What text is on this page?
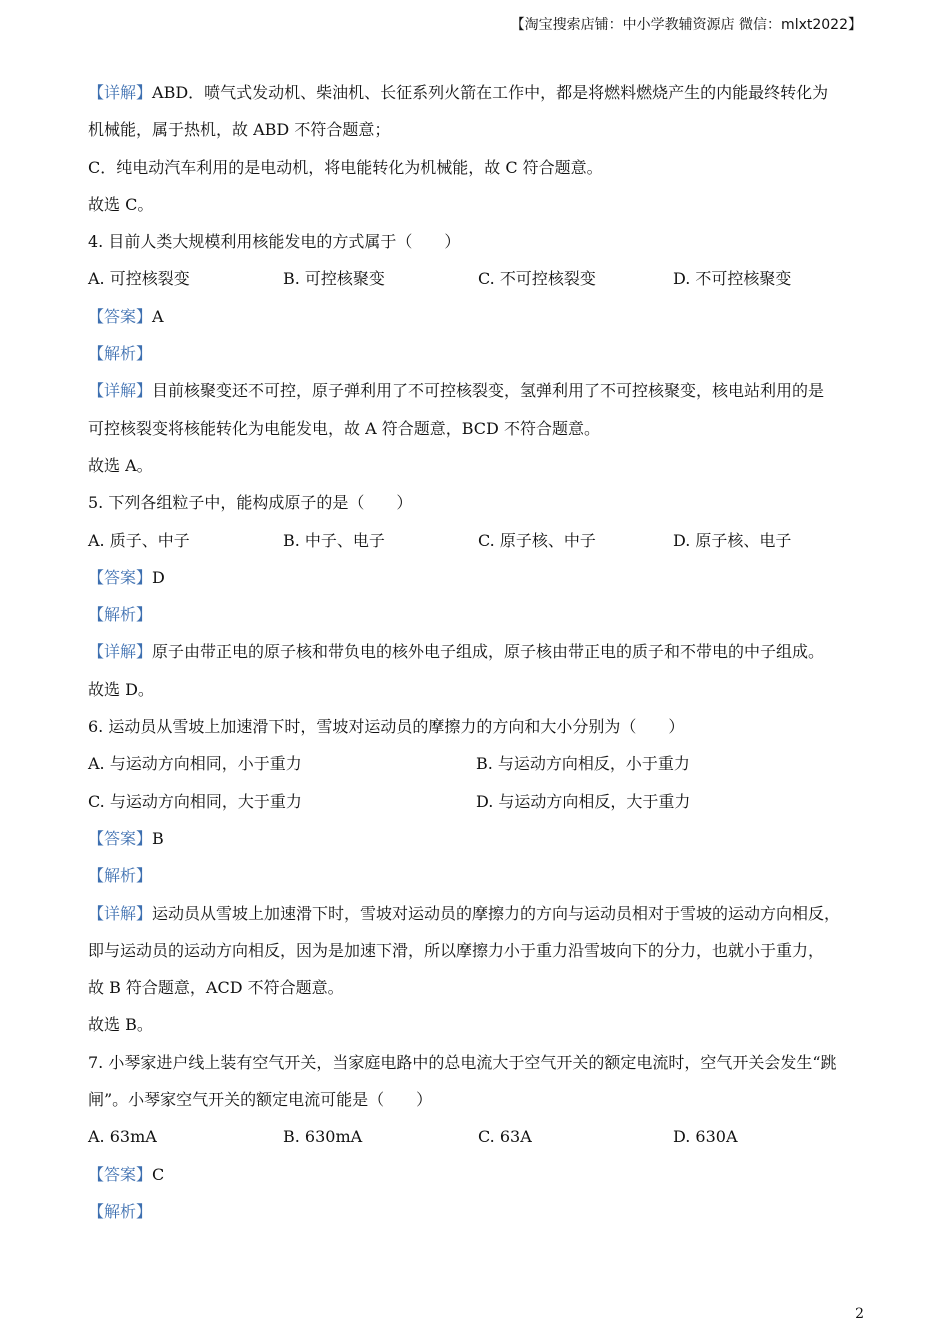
【淘宝搜索店铺：中小学教辅资源店 微信：mlxt2022】
【详解】ABD．喷气式发动机、柴油机、长征系列火箭在工作中，都是将燃料燃烧产生的内能最终转化为
机械能，属于热机，故 ABD 不符合题意；
C．纯电动汽车利用的是电动机，将电能转化为机械能，故 C 符合题意。
故选 C。
4. 目前人类大规模利用核能发电的方式属于（　　）
A. 可控核裂变	B. 可控核聚变	C. 不可控核裂变	D. 不可控核聚变
【答案】A
【解析】
【详解】目前核聚变还不可控，原子弹利用了不可控核裂变，氢弹利用了不可控核聚变，核电站利用的是
可控核裂变将核能转化为电能发电，故 A 符合题意，BCD 不符合题意。
故选 A。
5. 下列各组粒子中，能构成原子的是（　　）
A. 质子、中子	B. 中子、电子	C. 原子核、中子	D. 原子核、电子
【答案】D
【解析】
【详解】原子由带正电的原子核和带负电的核外电子组成，原子核由带正电的质子和不带电的中子组成。
故选 D。
6. 运动员从雪坡上加速滑下时，雪坡对运动员的摩擦力的方向和大小分别为（　　）
A. 与运动方向相同，小于重力	B. 与运动方向相反，小于重力
C. 与运动方向相同，大于重力	D. 与运动方向相反，大于重力
【答案】B
【解析】
【详解】运动员从雪坡上加速滑下时，雪坡对运动员的摩擦力的方向与运动员相对于雪坡的运动方向相反，
即与运动员的运动方向相反，因为是加速下滑，所以摩擦力小于重力沿雪坡向下的分力，也就小于重力，
故 B 符合题意，ACD 不符合题意。
故选 B。
7. 小琴家进户线上装有空气开关，当家庭电路中的总电流大于空气开关的额定电流时，空气开关会发生“跳
闸”。小琴家空气开关的额定电流可能是（　　）
A. 63mA	B. 630mA	C. 63A	D. 630A
【答案】C
【解析】
2
